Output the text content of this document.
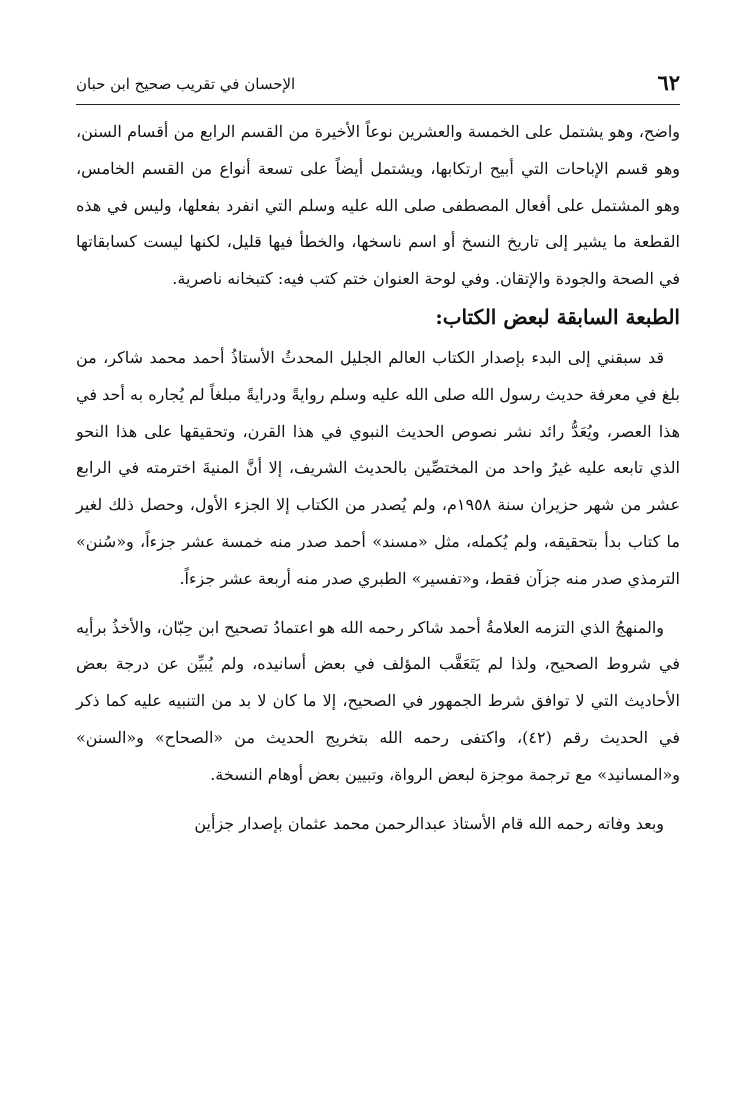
٦٢
الإحسان في تقريب صحيح ابن حبان

واضح، وهو يشتمل على الخمسة والعشرين نوعاً الأخيرة من القسم الرابع من أقسام السنن، وهو قسم الإباحات التي أبيح ارتكابها، ويشتمل أيضاً على تسعة أنواع من القسم الخامس، وهو المشتمل على أفعال المصطفى صلى الله عليه وسلم التي انفرد بفعلها، وليس في هذه القطعة ما يشير إلى تاريخ النسخ أو اسم ناسخها، والخطأ فيها قليل، لكنها ليست كسابقاتها في الصحة والجودة والإتقان. وفي لوحة العنوان ختم كتب فيه: كتبخانه ناصرية.

الطبعة السابقة لبعض الكتاب:

قد سبقني إلى البدء بإصدار الكتاب العالم الجليل المحدثُ الأستاذُ أحمد محمد شاكر، من بلغ في معرفة حديث رسول الله صلى الله عليه وسلم روايةً ودرايةً مبلغاً لم يُجاره به أحد في هذا العصر، ويُعَدُّ رائد نشر نصوص الحديث النبوي في هذا القرن، وتحقيقها على هذا النحو الذي تابعه عليه غيرُ واحد من المختصِّين بالحديث الشريف، إلا أنَّ المنيةَ اخترمته في الرابع عشر من شهر حزيران سنة ١٩٥٨م، ولم يُصدر من الكتاب إلا الجزء الأول، وحصل ذلك لغير ما كتاب بدأ بتحقيقه، ولم يُكمله، مثل «مسند» أحمد صدر منه خمسة عشر جزءاً، و«سُنن» الترمذي صدر منه جزآن فقط، و«تفسير» الطبري صدر منه أربعة عشر جزءاً.

والمنهجُ الذي التزمه العلامةُ أحمد شاكر رحمه الله هو اعتمادُ تصحيح ابن حِبّان، والأخذُ برأيه في شروط الصحيح، ولذا لم يَتَعَقَّب المؤلف في بعض أسانيده، ولم يُبيِّن عن درجة بعض الأحاديث التي لا توافق شرط الجمهور في الصحيح، إلا ما كان لا بد من التنبيه عليه كما ذكر في الحديث رقم (٤٢)، واكتفى رحمه الله بتخريج الحديث من «الصحاح» و«السنن» و«المسانيد» مع ترجمة موجزة لبعض الرواة، وتبيين بعض أوهام النسخة.

وبعد وفاته رحمه الله قام الأستاذ عبدالرحمن محمد عثمان بإصدار جزأين
